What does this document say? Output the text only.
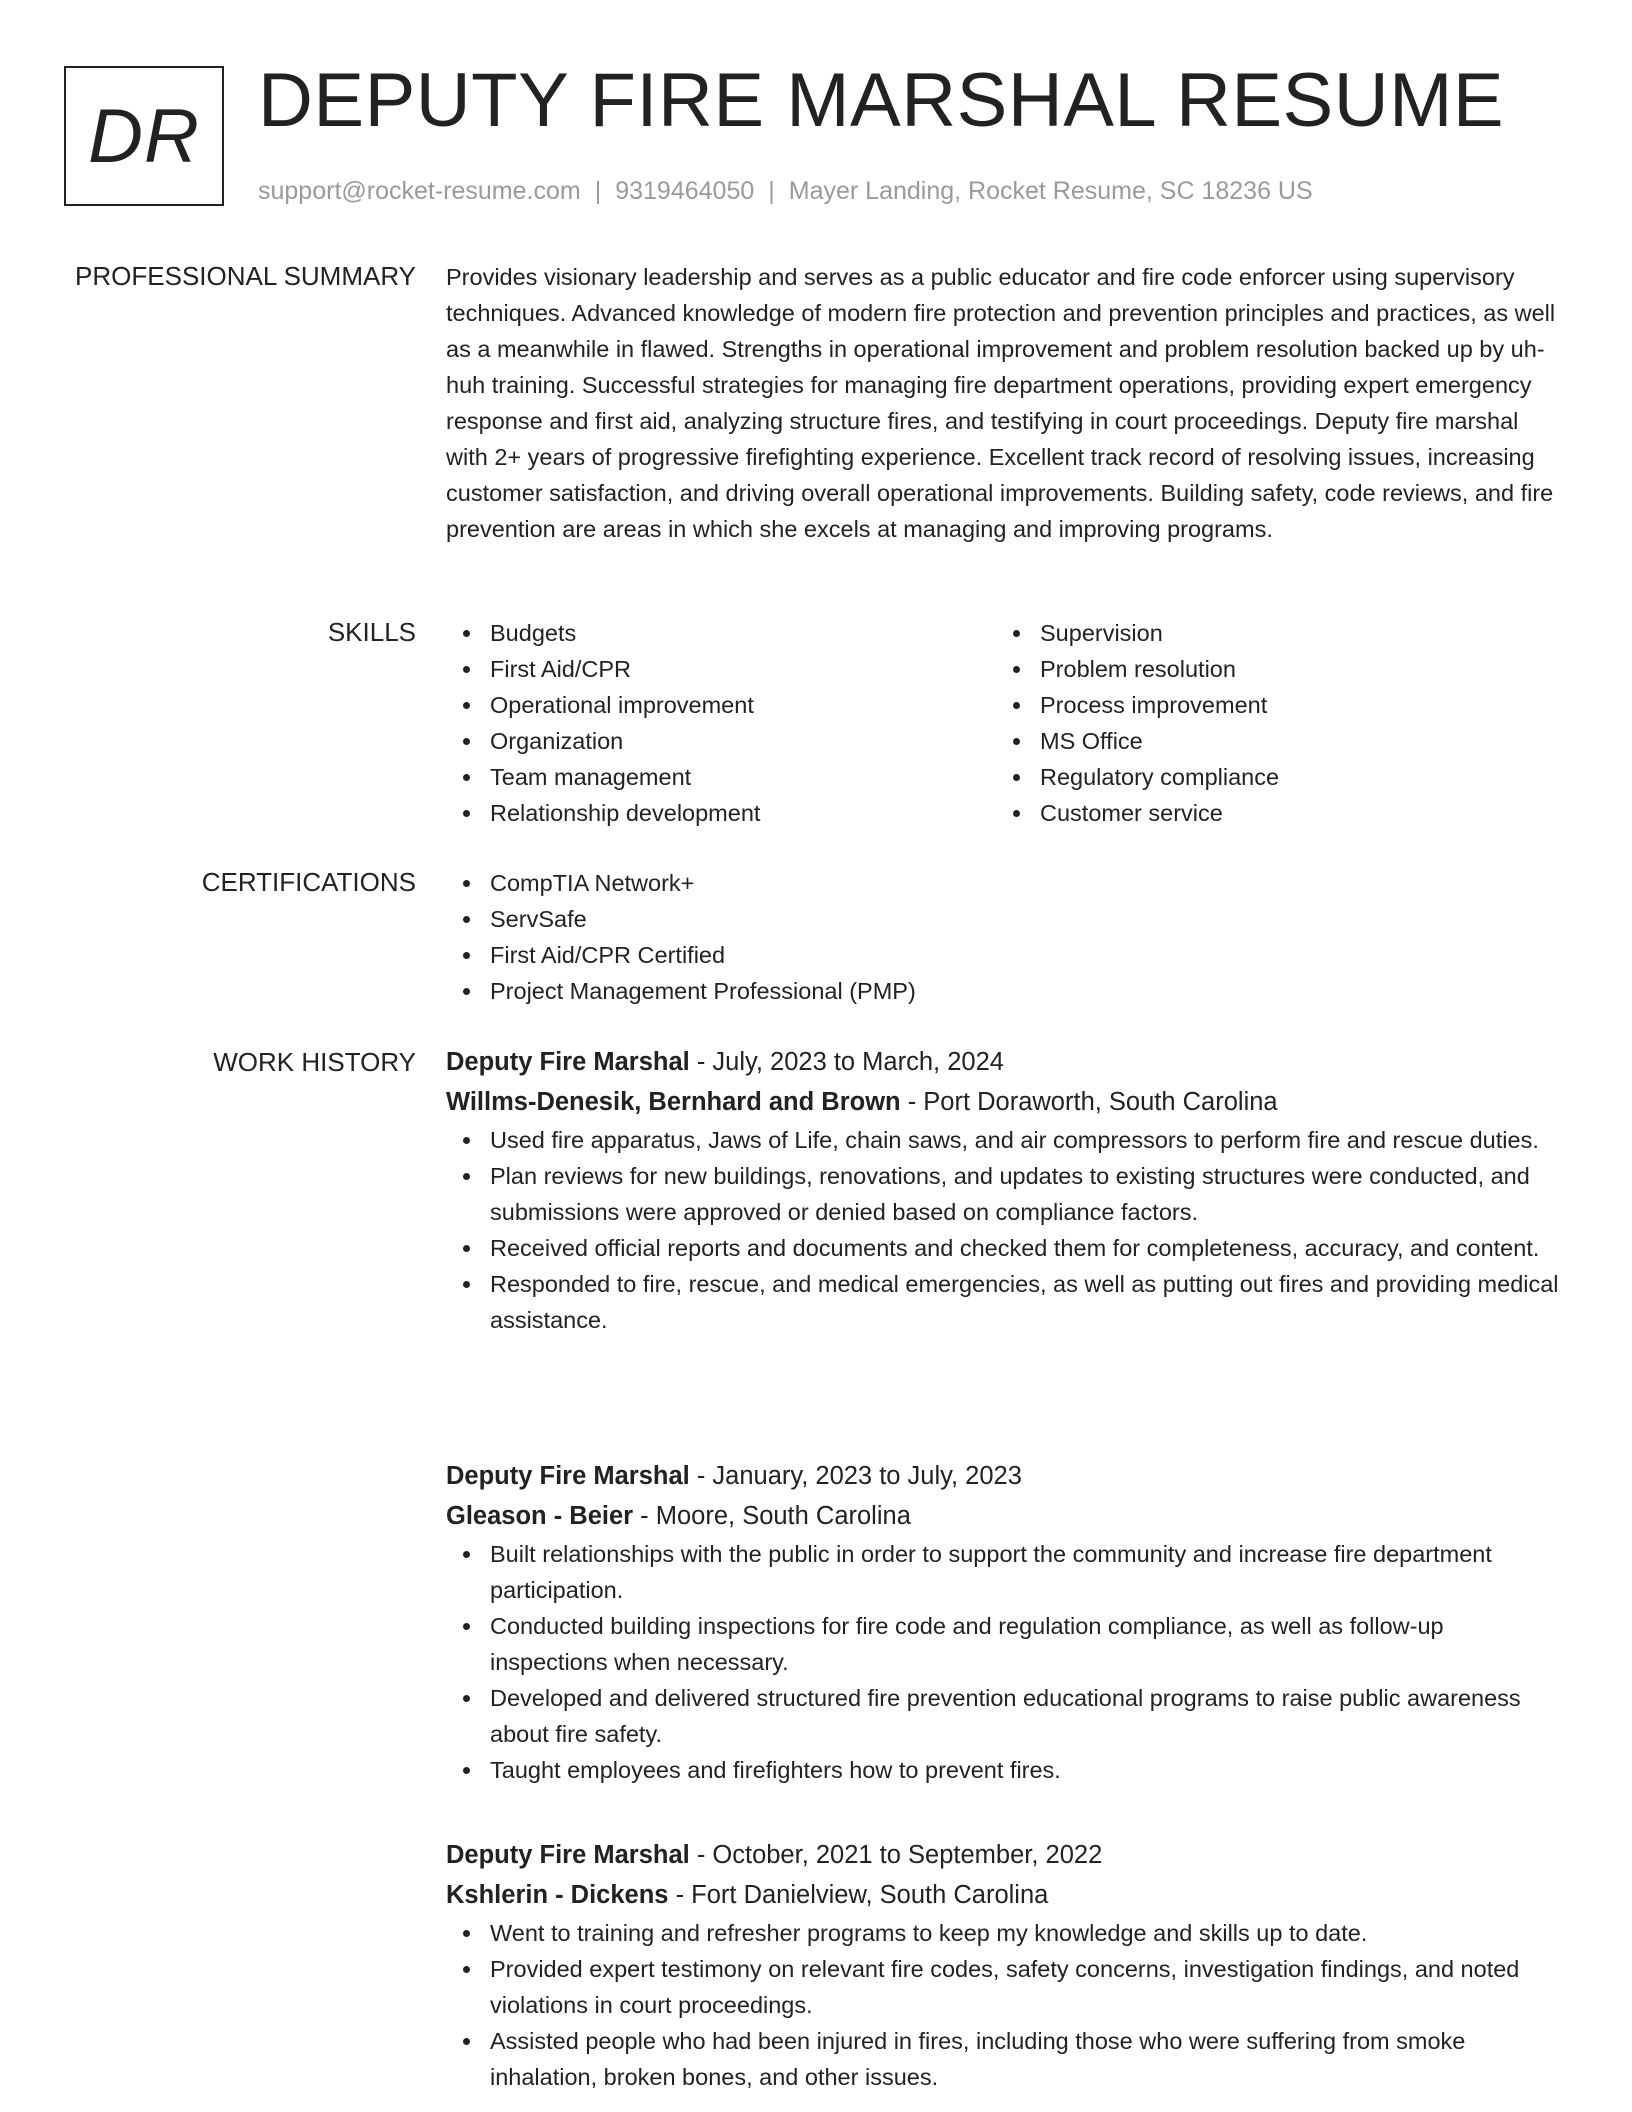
DR DEPUTY FIRE MARSHAL RESUME
support@rocket-resume.com | 9319464050 | Mayer Landing, Rocket Resume, SC 18236 US
PROFESSIONAL SUMMARY Provides visionary leadership and serves as a public educator and fire code enforcer using supervisory techniques. Advanced knowledge of modern fire protection and prevention principles and practices, as well as a meanwhile in flawed. Strengths in operational improvement and problem resolution backed up by uh-huh training. Successful strategies for managing fire department operations, providing expert emergency response and first aid, analyzing structure fires, and testifying in court proceedings. Deputy fire marshal with 2+ years of progressive firefighting experience. Excellent track record of resolving issues, increasing customer satisfaction, and driving overall operational improvements. Building safety, code reviews, and fire prevention are areas in which she excels at managing and improving programs.
SKILLS	Budgets
First Aid/CPR
Operational improvement
Organization
Team management
Relationship development
Supervision
Problem resolution
Process improvement
MS Office
Regulatory compliance
Customer service
CERTIFICATIONS	CompTIA Network+
ServSafe
First Aid/CPR Certified
Project Management Professional (PMP)
WORK HISTORY Deputy Fire Marshal - July, 2023 to March, 2024
Willms-Denesik, Bernhard and Brown - Port Doraworth, South Carolina
Used fire apparatus, Jaws of Life, chain saws, and air compressors to perform fire and rescue duties.
Plan reviews for new buildings, renovations, and updates to existing structures were conducted, and submissions were approved or denied based on compliance factors.
Received official reports and documents and checked them for completeness, accuracy, and content.
Responded to fire, rescue, and medical emergencies, as well as putting out fires and providing medical assistance.
Deputy Fire Marshal - January, 2023 to July, 2023
Gleason - Beier - Moore, South Carolina
Built relationships with the public in order to support the community and increase fire department participation.
Conducted building inspections for fire code and regulation compliance, as well as follow-up inspections when necessary.
Developed and delivered structured fire prevention educational programs to raise public awareness about fire safety.
Taught employees and firefighters how to prevent fires.
Deputy Fire Marshal - October, 2021 to September, 2022
Kshlerin - Dickens - Fort Danielview, South Carolina
Went to training and refresher programs to keep my knowledge and skills up to date.
Provided expert testimony on relevant fire codes, safety concerns, investigation findings, and noted violations in court proceedings.
Assisted people who had been injured in fires, including those who were suffering from smoke inhalation, broken bones, and other issues.
